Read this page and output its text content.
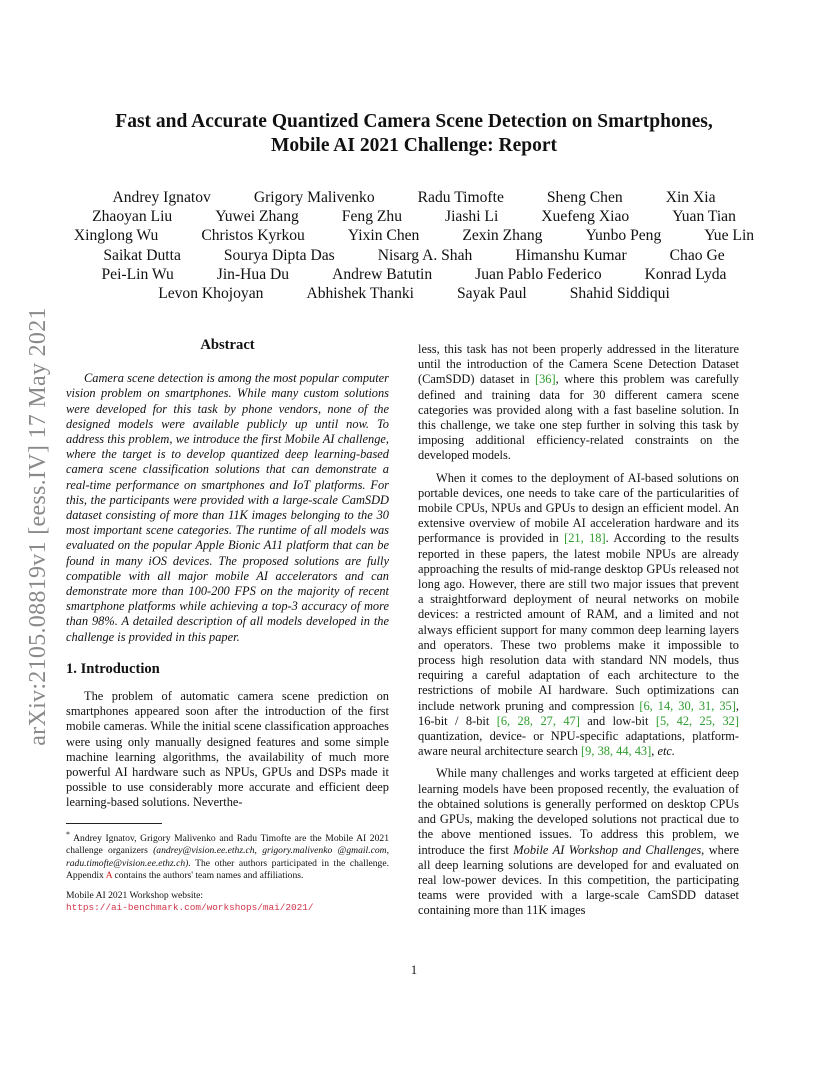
arXiv:2105.08819v1 [eess.IV] 17 May 2021
Fast and Accurate Quantized Camera Scene Detection on Smartphones,
Mobile AI 2021 Challenge: Report
Andrey Ignatov	Grigory Malivenko	Radu Timofte	Sheng Chen	Xin Xia
Zhaoyan Liu	Yuwei Zhang	Feng Zhu	Jiashi Li	Xuefeng Xiao	Yuan Tian
Xinglong Wu	Christos Kyrkou	Yixin Chen	Zexin Zhang	Yunbo Peng	Yue Lin
Saikat Dutta	Sourya Dipta Das	Nisarg A. Shah	Himanshu Kumar	Chao Ge
Pei-Lin Wu	Jin-Hua Du	Andrew Batutin	Juan Pablo Federico	Konrad Lyda
Levon Khojoyan	Abhishek Thanki	Sayak Paul	Shahid Siddiqui
Abstract

Camera scene detection is among the most popular computer vision problem on smartphones. While many custom solutions were developed for this task by phone vendors, none of the designed models were available publicly up until now. To address this problem, we introduce the first Mobile AI challenge, where the target is to develop quantized deep learning-based camera scene classification solutions that can demonstrate a real-time performance on smartphones and IoT platforms. For this, the participants were provided with a large-scale CamSDD dataset consisting of more than 11K images belonging to the 30 most important scene categories. The runtime of all models was evaluated on the popular Apple Bionic A11 platform that can be found in many iOS devices. The proposed solutions are fully compatible with all major mobile AI accelerators and can demonstrate more than 100-200 FPS on the majority of recent smartphone platforms while achieving a top-3 accuracy of more than 98%. A detailed description of all models developed in the challenge is provided in this paper.

1. Introduction

The problem of automatic camera scene prediction on smartphones appeared soon after the introduction of the first mobile cameras. While the initial scene classification approaches were using only manually designed features and some simple machine learning algorithms, the availability of much more powerful AI hardware such as NPUs, GPUs and DSPs made it possible to use considerably more accurate and efficient deep learning-based solutions. Neverthe-

* Andrey Ignatov, Grigory Malivenko and Radu Timofte are the Mobile AI 2021 challenge organizers (andrey@vision.ee.ethz.ch, grigory.malivenko @gmail.com, radu.timofte@vision.ee.ethz.ch). The other authors participated in the challenge. Appendix A contains the authors' team names and affiliations.

Mobile AI 2021 Workshop website:
https://ai-benchmark.com/workshops/mai/2021/

less, this task has not been properly addressed in the literature until the introduction of the Camera Scene Detection Dataset (CamSDD) dataset in [36], where this problem was carefully defined and training data for 30 different camera scene categories was provided along with a fast baseline solution. In this challenge, we take one step further in solving this task by imposing additional efficiency-related constraints on the developed models.

When it comes to the deployment of AI-based solutions on portable devices, one needs to take care of the particularities of mobile CPUs, NPUs and GPUs to design an efficient model. An extensive overview of mobile AI acceleration hardware and its performance is provided in [21, 18]. According to the results reported in these papers, the latest mobile NPUs are already approaching the results of mid-range desktop GPUs released not long ago. However, there are still two major issues that prevent a straightforward deployment of neural networks on mobile devices: a restricted amount of RAM, and a limited and not always efficient support for many common deep learning layers and operators. These two problems make it impossible to process high resolution data with standard NN models, thus requiring a careful adaptation of each architecture to the restrictions of mobile AI hardware. Such optimizations can include network pruning and compression [6, 14, 30, 31, 35], 16-bit / 8-bit [6, 28, 27, 47] and low-bit [5, 42, 25, 32] quantization, device- or NPU-specific adaptations, platform-aware neural architecture search [9, 38, 44, 43], etc.

While many challenges and works targeted at efficient deep learning models have been proposed recently, the evaluation of the obtained solutions is generally performed on desktop CPUs and GPUs, making the developed solutions not practical due to the above mentioned issues. To address this problem, we introduce the first Mobile AI Workshop and Challenges, where all deep learning solutions are developed for and evaluated on real low-power devices. In this competition, the participating teams were provided with a large-scale CamSDD dataset containing more than 11K images

1
